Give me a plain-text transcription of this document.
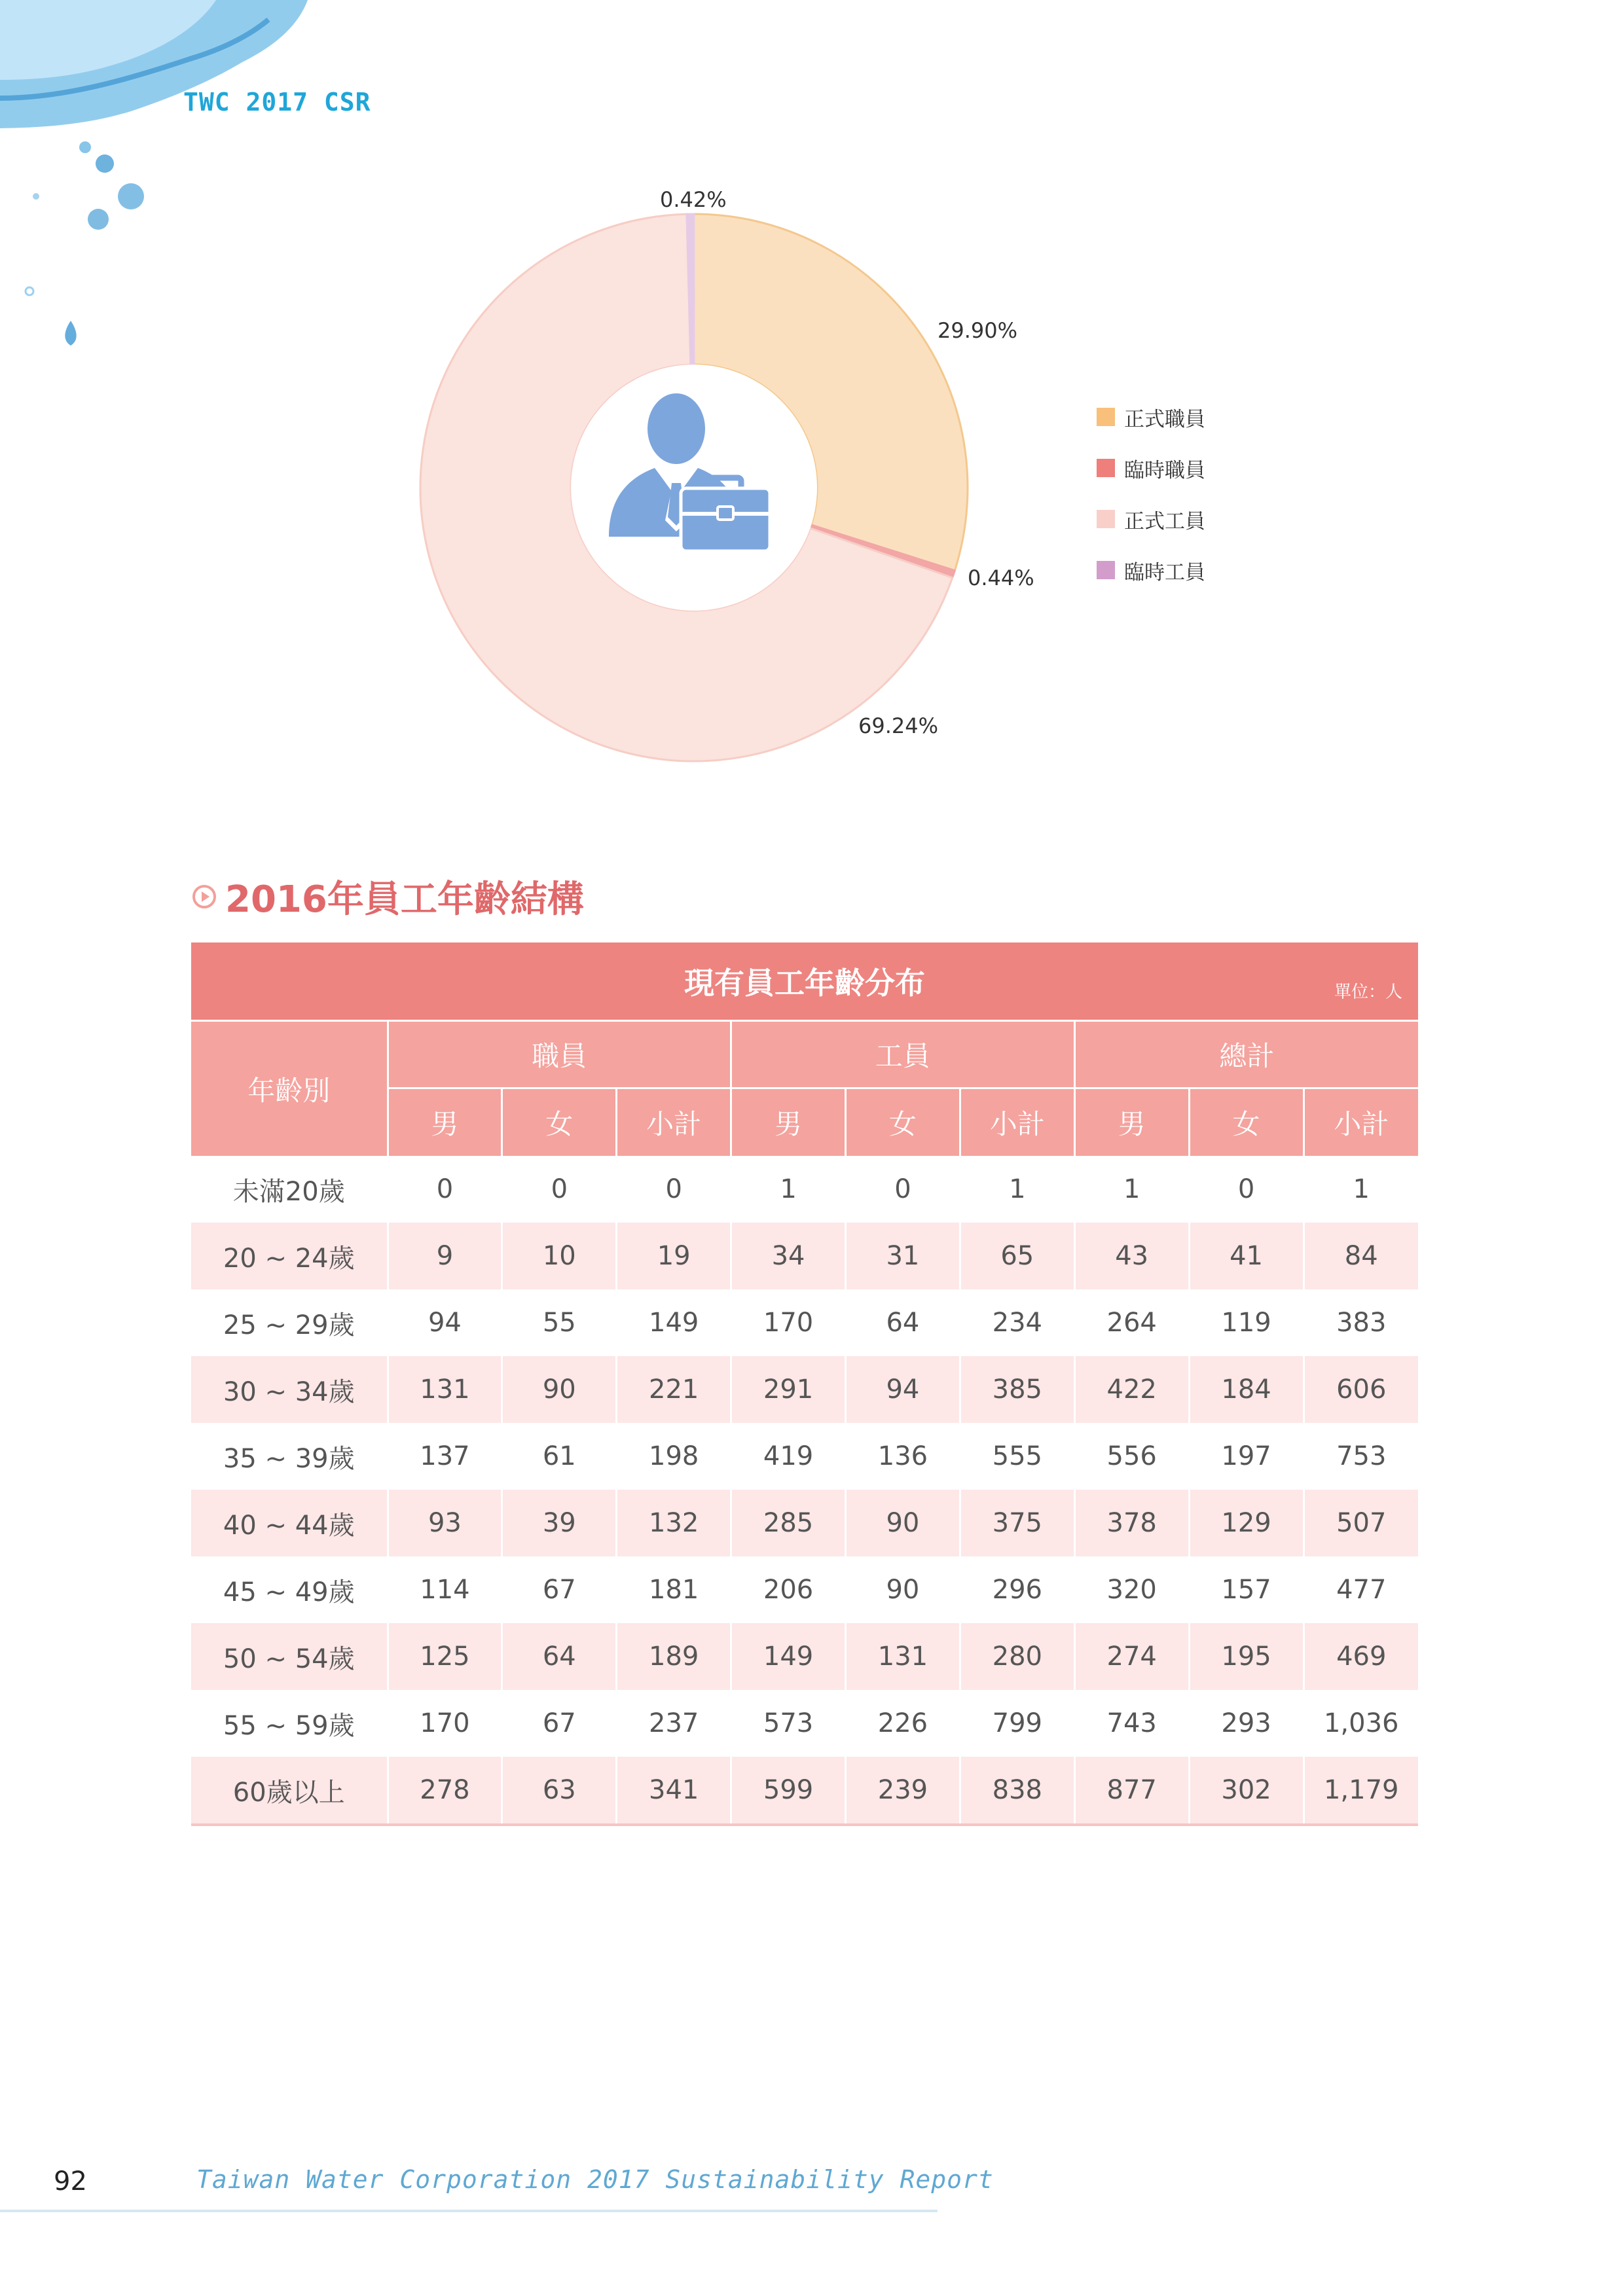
TWC 2017 CSR
29.90%
0.44%
69.24%
0.42%
正式職員
臨時職員
正式工員
臨時工員
2016年員工年齡結構
現有員工年齡分布 單位：人									

年齡別	職員			工員			總計		
	男	女	小計	男	女	小計	男	女	小計
未滿20歲	0	0	0	1	0	1	1	0	1
20 ~ 24歲	9	10	19	34	31	65	43	41	84
25 ~ 29歲	94	55	149	170	64	234	264	119	383
30 ~ 34歲	131	90	221	291	94	385	422	184	606
35 ~ 39歲	137	61	198	419	136	555	556	197	753
40 ~ 44歲	93	39	132	285	90	375	378	129	507
45 ~ 49歲	114	67	181	206	90	296	320	157	477
50 ~ 54歲	125	64	189	149	131	280	274	195	469
55 ~ 59歲	170	67	237	573	226	799	743	293	1,036
60歲以上	278	63	341	599	239	838	877	302	1,179
92	Taiwan Water Corporation 2017 Sustainability Report
